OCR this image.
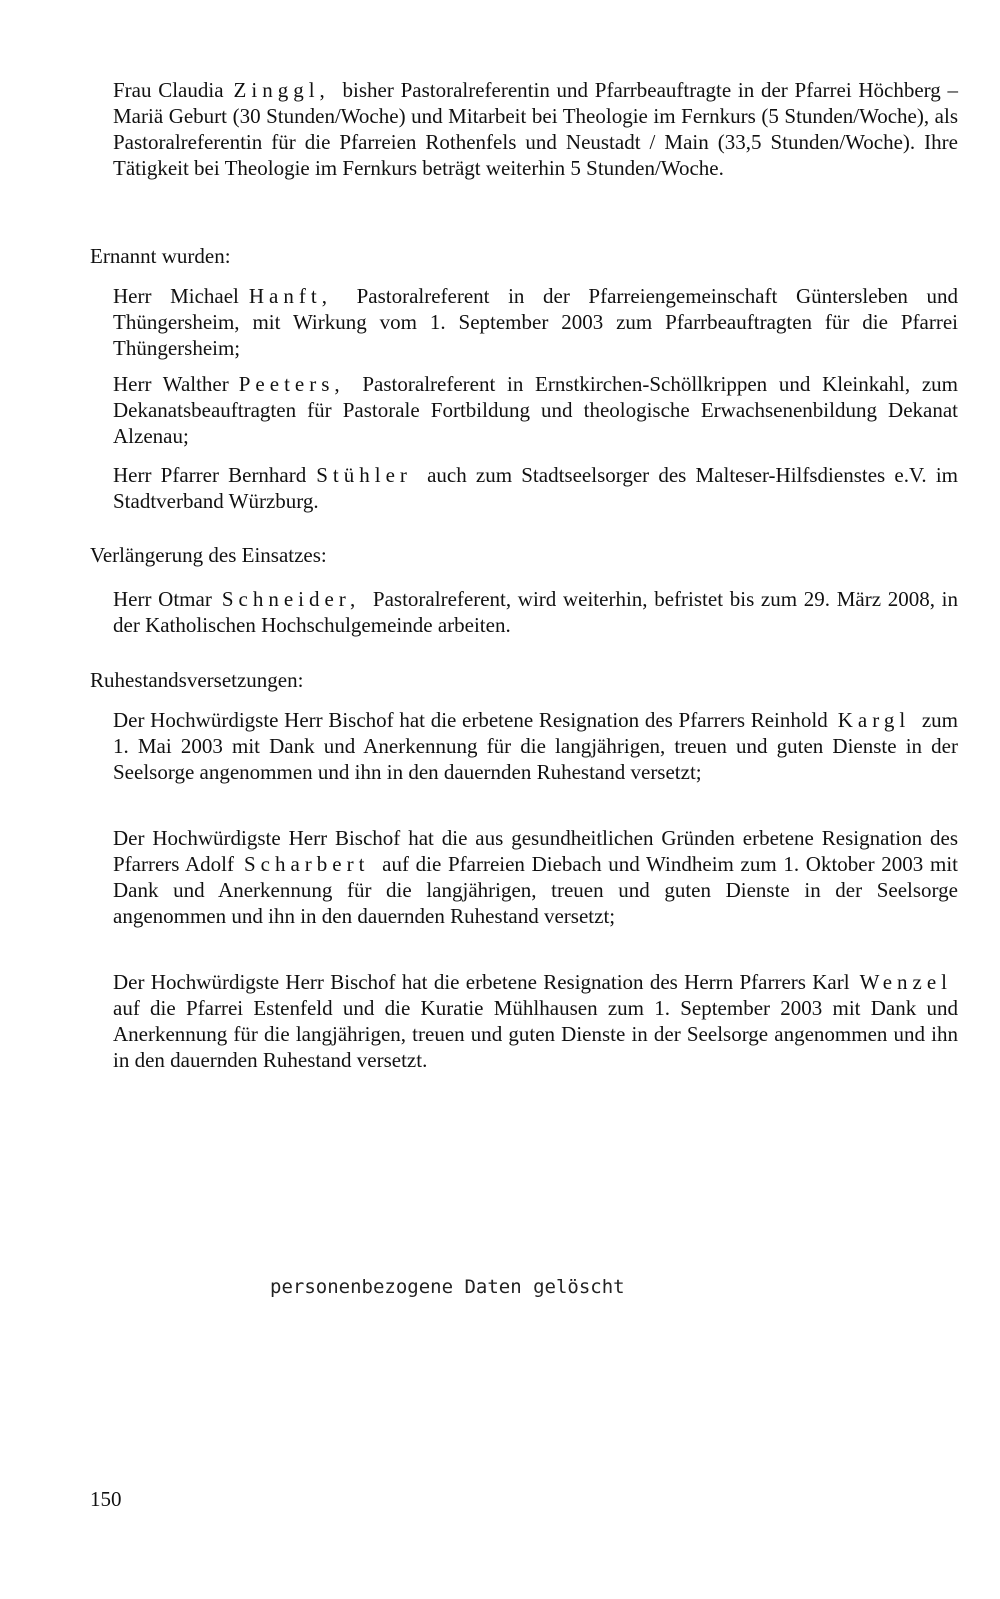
Frau Claudia Zinggl, bisher Pastoralreferentin und Pfarrbeauftragte in der Pfarrei Höchberg – Mariä Geburt (30 Stunden/Woche) und Mitarbeit bei Theologie im Fernkurs (5 Stunden/Woche), als Pastoralreferentin für die Pfarreien Rothenfels und Neustadt / Main (33,5 Stunden/Woche). Ihre Tätigkeit bei Theologie im Fernkurs beträgt weiterhin 5 Stunden/Woche.

Ernannt wurden:

Herr Michael Hanft, Pastoralreferent in der Pfarreiengemeinschaft Güntersleben und Thüngersheim, mit Wirkung vom 1. September 2003 zum Pfarrbeauftragten für die Pfarrei Thüngersheim;

Herr Walther Peeters, Pastoralreferent in Ernstkirchen-Schöllkrippen und Kleinkahl, zum Dekanatsbeauftragten für Pastorale Fortbildung und theologische Erwachsenenbildung Dekanat Alzenau;

Herr Pfarrer Bernhard Stühler auch zum Stadtseelsorger des Malteser-Hilfsdienstes e.V. im Stadtverband Würzburg.

Verlängerung des Einsatzes:

Herr Otmar Schneider, Pastoralreferent, wird weiterhin, befristet bis zum 29. März 2008, in der Katholischen Hochschulgemeinde arbeiten.

Ruhestandsversetzungen:

Der Hochwürdigste Herr Bischof hat die erbetene Resignation des Pfarrers Reinhold Kargl zum 1. Mai 2003 mit Dank und Anerkennung für die langjährigen, treuen und guten Dienste in der Seelsorge angenommen und ihn in den dauernden Ruhestand versetzt;

Der Hochwürdigste Herr Bischof hat die aus gesundheitlichen Gründen erbetene Resignation des Pfarrers Adolf Scharbert auf die Pfarreien Diebach und Windheim zum 1. Oktober 2003 mit Dank und Anerkennung für die langjährigen, treuen und guten Dienste in der Seelsorge angenommen und ihn in den dauernden Ruhestand versetzt;

Der Hochwürdigste Herr Bischof hat die erbetene Resignation des Herrn Pfarrers Karl Wenzel auf die Pfarrei Estenfeld und die Kuratie Mühlhausen zum 1. September 2003 mit Dank und Anerkennung für die langjährigen, treuen und guten Dienste in der Seelsorge angenommen und ihn in den dauernden Ruhestand versetzt.

personenbezogene Daten gelöscht

150
